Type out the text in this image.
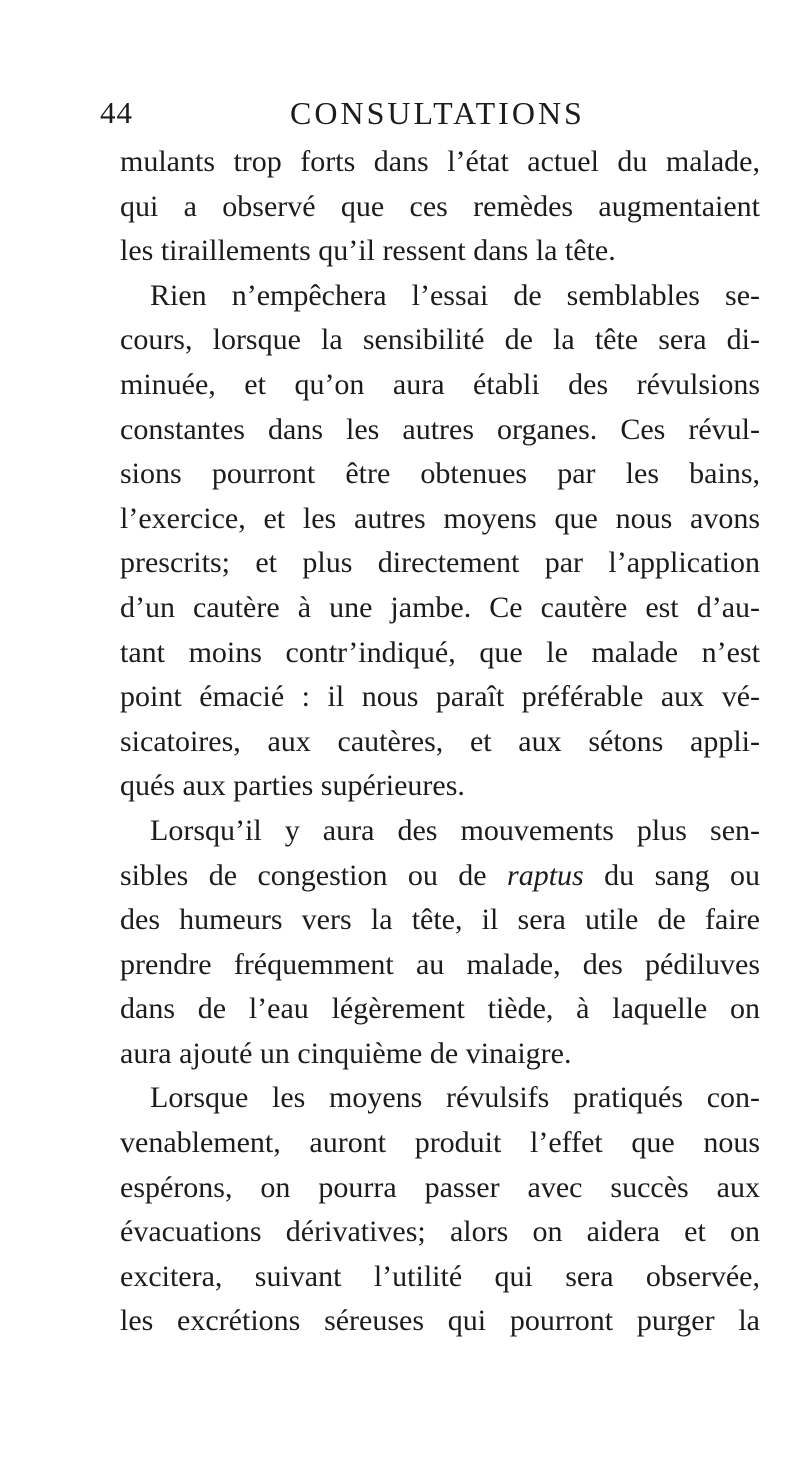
44	CONSULTATIONS
mulants trop forts dans l’état actuel du malade,
qui a observé que ces remèdes augmentaient
les tiraillements qu’il ressent dans la tête.
Rien n’empêchera l’essai de semblables se-
cours, lorsque la sensibilité de la tête sera di-
minuée, et qu’on aura établi des révulsions
constantes dans les autres organes. Ces révul-
sions pourront être obtenues par les bains,
l’exercice, et les autres moyens que nous avons
prescrits; et plus directement par l’application
d’un cautère à une jambe. Ce cautère est d’au-
tant moins contr’indiqué, que le malade n’est
point émacié : il nous paraît préférable aux vé-
sicatoires, aux cautères, et aux sétons appli-
qués aux parties supérieures.
Lorsqu’il y aura des mouvements plus sen-
sibles de congestion ou de raptus du sang ou
des humeurs vers la tête, il sera utile de faire
prendre fréquemment au malade, des pédiluves
dans de l’eau légèrement tiède, à laquelle on
aura ajouté un cinquième de vinaigre.
Lorsque les moyens révulsifs pratiqués con-
venablement, auront produit l’effet que nous
espérons, on pourra passer avec succès aux
évacuations dérivatives; alors on aidera et on
excitera, suivant l’utilité qui sera observée,
les excrétions séreuses qui pourront purger la
